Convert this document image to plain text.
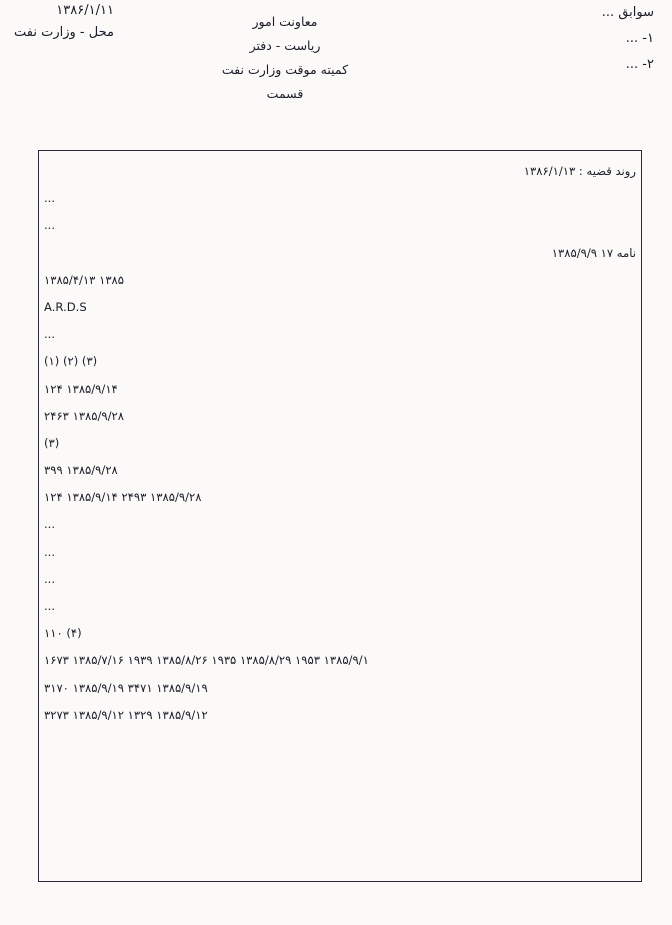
۱۳۸۶/۱/۱۱
محل - وزارت نفت
معاونت امور
ریاست - دفتر
کمیته موقت وزارت نفت
قسمت
سوابق ...
۱- ...
۲- ...
روند قضیه : ۱۳۸۶/۱/۱۳
...
...
نامه ۱۷ ۱۳۸۵/۹/۹
۱۳۸۵/۴/۱۳ ۱۳۸۵
A.R.D.S
...
(۱) (۲) (۳)
۱۲۴ ۱۳۸۵/۹/۱۴
۲۴۶۳ ۱۳۸۵/۹/۲۸
(۳)
۳۹۹ ۱۳۸۵/۹/۲۸
۱۲۴ ۱۳۸۵/۹/۱۴ ۲۴۹۳ ۱۳۸۵/۹/۲۸
...
...
...
...
۱۱۰ (۴)
۱۶۷۳ ۱۳۸۵/۷/۱۶ ۱۹۳۹ ۱۳۸۵/۸/۲۶ ۱۹۳۵ ۱۳۸۵/۸/۲۹ ۱۹۵۳ ۱۳۸۵/۹/۱
۳۱۷۰ ۱۳۸۵/۹/۱۹ ۳۴۷۱ ۱۳۸۵/۹/۱۹
۳۲۷۳ ۱۳۸۵/۹/۱۲ ۱۳۲۹ ۱۳۸۵/۹/۱۲
